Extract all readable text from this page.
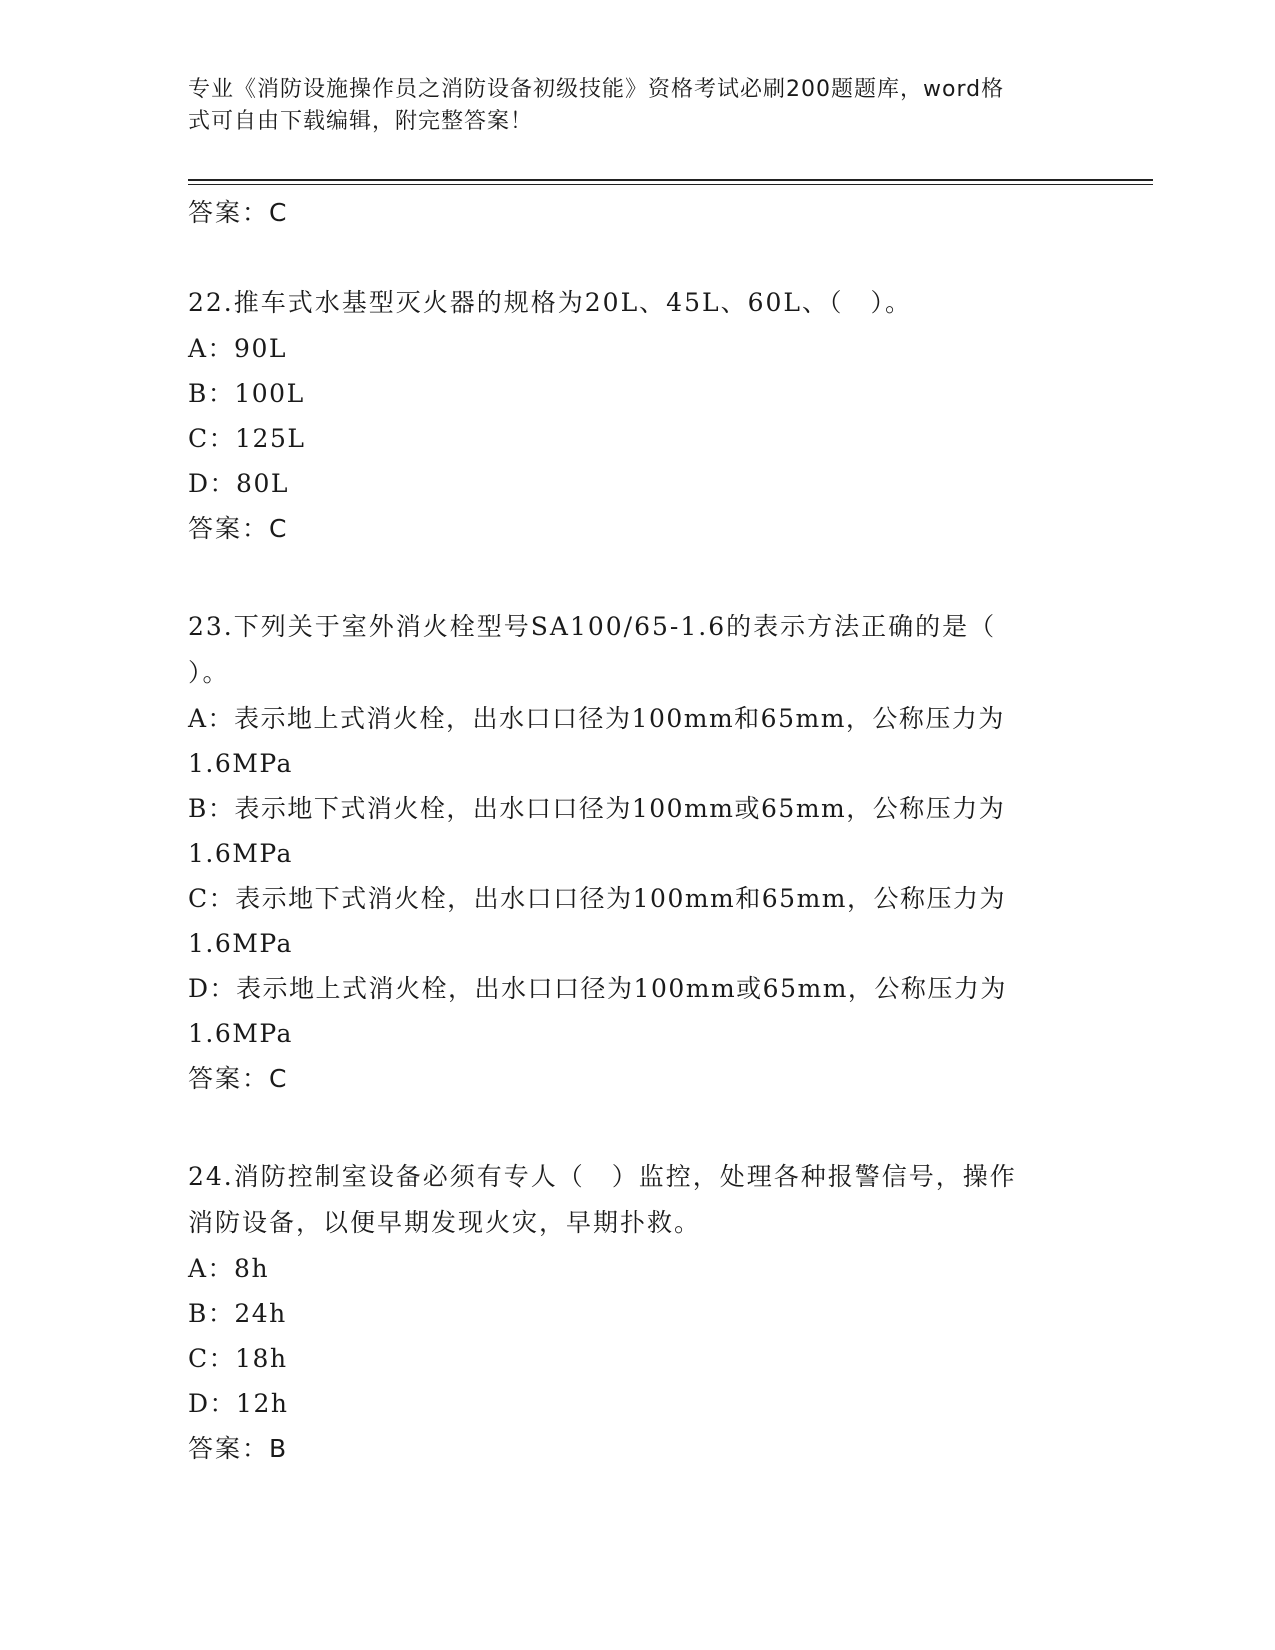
专业《消防设施操作员之消防设备初级技能》资格考试必刷200题题库，word格
式可自由下载编辑，附完整答案！
答案：C
22.推车式水基型灭火器的规格为20L、45L、60L、（　）。
A：90L
B：100L
C：125L
D：80L
答案：C
23.下列关于室外消火栓型号SA100/65-1.6的表示方法正确的是（
）。
A：表示地上式消火栓，出水口口径为100mm和65mm，公称压力为
1.6MPa
B：表示地下式消火栓，出水口口径为100mm或65mm，公称压力为
1.6MPa
C：表示地下式消火栓，出水口口径为100mm和65mm，公称压力为
1.6MPa
D：表示地上式消火栓，出水口口径为100mm或65mm，公称压力为
1.6MPa
答案：C
24.消防控制室设备必须有专人（　）监控，处理各种报警信号，操作
消防设备，以便早期发现火灾，早期扑救。
A：8h
B：24h
C：18h
D：12h
答案：B
